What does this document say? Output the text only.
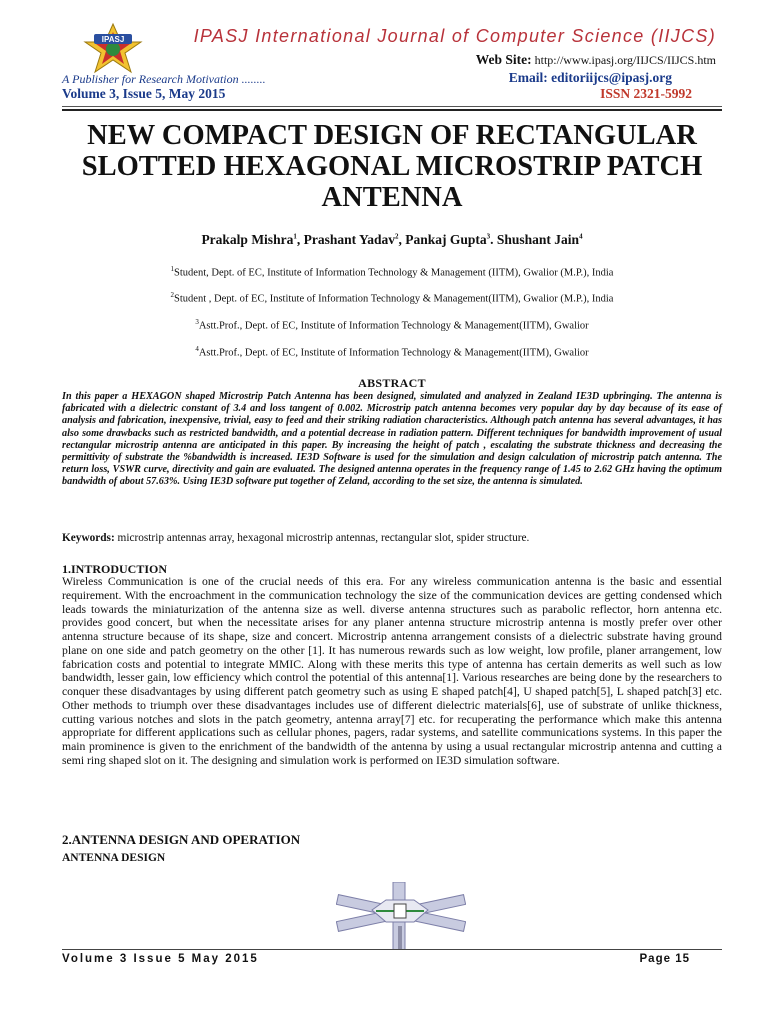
IPASJ	IPASJ International Journal of Computer Science (IIJCS)
Web Site: http://www.ipasj.org/IIJCS/IIJCS.htm
A Publisher for Research Motivation ........	Email: editoriijcs@ipasj.org
Volume 3, Issue 5, May 2015	ISSN 2321-5992
NEW COMPACT DESIGN OF RECTANGULAR SLOTTED HEXAGONAL MICROSTRIP PATCH ANTENNA
Prakalp Mishra$^1$, Prashant Yadav$^2$, Pankaj Gupta$^3$. Shushant Jain$^4$
$^1$Student, Dept. of EC, Institute of Information Technology & Management (IITM), Gwalior (M.P.), India
$^2$Student , Dept. of EC, Institute of Information Technology & Management(IITM), Gwalior (M.P.), India
$^3$Astt.Prof., Dept. of EC, Institute of Information Technology & Management(IITM), Gwalior
$^4$Astt.Prof., Dept. of EC, Institute of Information Technology & Management(IITM), Gwalior
ABSTRACT
In this paper a HEXAGON shaped Microstrip Patch Antenna has been designed, simulated and analyzed in Zealand IE3D upbringing. The antenna is fabricated with a dielectric constant of 3.4 and loss tangent of 0.002. Microstrip patch antenna becomes very popular day by day because of its ease of analysis and fabrication, inexpensive, trivial, easy to feed and their striking radiation characteristics. Although patch antenna has several advantages, it has also some drawbacks such as restricted bandwidth, and a potential decrease in radiation pattern. Different techniques for bandwidth improvement of usual rectangular microstrip antenna are anticipated in this paper. By increasing the height of patch , escalating the substrate thickness and decreasing the permittivity of substrate the %bandwidth is increased. IE3D Software is used for the simulation and design calculation of microstrip patch antenna. The return loss, VSWR curve, directivity and gain are evaluated. The designed antenna operates in the frequency range of 1.45 to 2.62 GHz having the optimum bandwidth of about 57.63%. Using IE3D software put together of Zeland, according to the set size, the antenna is simulated.
Keywords: microstrip antennas array, hexagonal microstrip antennas, rectangular slot, spider structure.
1.INTRODUCTION
Wireless Communication is one of the crucial needs of this era. For any wireless communication antenna is the basic and essential requirement. With the encroachment in the communication technology the size of the communication devices are getting condensed which leads towards the miniaturization of the antenna size as well. diverse antenna structures such as parabolic reflector, horn antenna etc. provides good concert, but when the necessitate arises for any planer antenna structure microstrip antenna is mostly prefer over other antenna structure because of its shape, size and concert. Microstrip antenna arrangement consists of a dielectric substrate having ground plane on one side and patch geometry on the other [1]. It has numerous rewards such as low weight, low profile, planer arrangement, low fabrication costs and potential to integrate MMIC. Along with these merits this type of antenna has certain demerits as well such as low bandwidth, lesser gain, low efficiency which control the potential of this antenna[1]. Various researches are being done by the researchers to conquer these disadvantages by using different patch geometry such as using E shaped patch[4], U shaped patch[5], L shaped patch[3] etc. Other methods to triumph over these disadvantages includes use of different dielectric materials[6], use of substrate of unlike thickness, cutting various notches and slots in the patch geometry, antenna array[7] etc. for recuperating the performance which make this antenna appropriate for different applications such as cellular phones, pagers, radar systems, and satellite communications systems. In this paper the main prominence is given to the enrichment of the bandwidth of the antenna by using a usual rectangular microstrip antenna and cutting a semi ring shaped slot on it. The designing and simulation work is performed on IE3D simulation software.
2.ANTENNA DESIGN AND OPERATION
ANTENNA DESIGN
Volume 3 Issue 5 May 2015	Page 15
